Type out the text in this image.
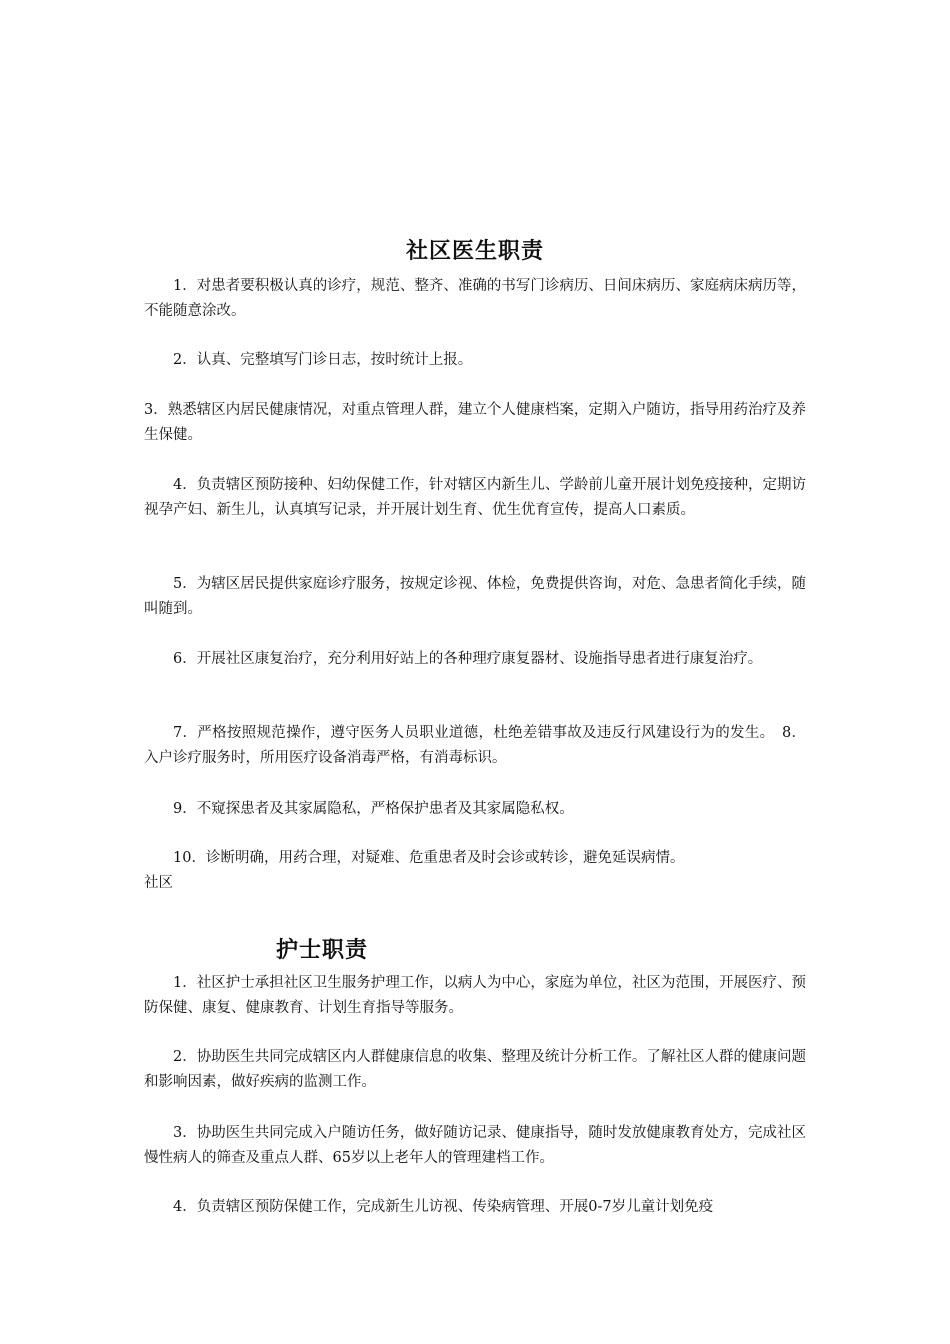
社区医生职责
1．对患者要积极认真的诊疗，规范、整齐、准确的书写门诊病历、日间床病历、家庭病床病历等，不能随意涂改。
2．认真、完整填写门诊日志，按时统计上报。
3．熟悉辖区内居民健康情况，对重点管理人群，建立个人健康档案，定期入户随访，指导用药治疗及养生保健。
4．负责辖区预防接种、妇幼保健工作，针对辖区内新生儿、学龄前儿童开展计划免疫接种，定期访视孕产妇、新生儿，认真填写记录，并开展计划生育、优生优育宣传，提高人口素质。
5．为辖区居民提供家庭诊疗服务，按规定诊视、体检，免费提供咨询，对危、急患者简化手续，随叫随到。
6．开展社区康复治疗，充分利用好站上的各种理疗康复器材、设施指导患者进行康复治疗。
7．严格按照规范操作，遵守医务人员职业道德，杜绝差错事故及违反行风建设行为的发生。　8．入户诊疗服务时，所用医疗设备消毒严格，有消毒标识。
9．不窥探患者及其家属隐私，严格保护患者及其家属隐私权。
10．诊断明确，用药合理，对疑难、危重患者及时会诊或转诊，避免延误病情。
社区
护士职责
1．社区护士承担社区卫生服务护理工作，以病人为中心，家庭为单位，社区为范围，开展医疗、预防保健、康复、健康教育、计划生育指导等服务。
2．协助医生共同完成辖区内人群健康信息的收集、整理及统计分析工作。了解社区人群的健康问题和影响因素，做好疾病的监测工作。
3．协助医生共同完成入户随访任务，做好随访记录、健康指导，随时发放健康教育处方，完成社区慢性病人的筛查及重点人群、65岁以上老年人的管理建档工作。
4．负责辖区预防保健工作，完成新生儿访视、传染病管理、开展0-7岁儿童计划免疫
